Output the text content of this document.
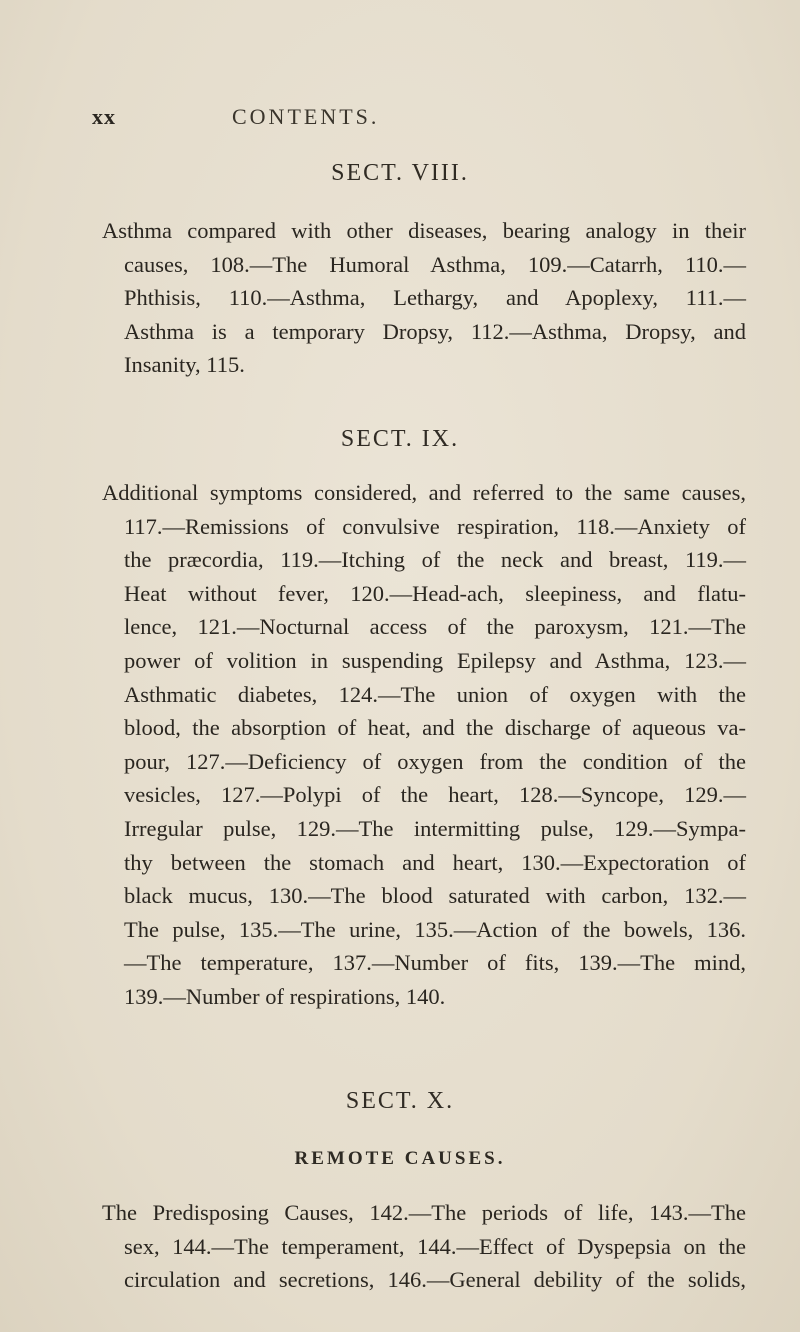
xx	CONTENTS.
SECT. VIII.
Asthma compared with other diseases, bearing analogy in their
causes, 108.—The Humoral Asthma, 109.—Catarrh, 110.—
Phthisis, 110.—Asthma, Lethargy, and Apoplexy, 111.—
Asthma is a temporary Dropsy, 112.—Asthma, Dropsy, and
Insanity, 115.
SECT. IX.
Additional symptoms considered, and referred to the same causes,
117.—Remissions of convulsive respiration, 118.—Anxiety of
the præcordia, 119.—Itching of the neck and breast, 119.—
Heat without fever, 120.—Head-ach, sleepiness, and flatu-
lence, 121.—Nocturnal access of the paroxysm, 121.—The
power of volition in suspending Epilepsy and Asthma, 123.—
Asthmatic diabetes, 124.—The union of oxygen with the
blood, the absorption of heat, and the discharge of aqueous va-
pour, 127.—Deficiency of oxygen from the condition of the
vesicles, 127.—Polypi of the heart, 128.—Syncope, 129.—
Irregular pulse, 129.—The intermitting pulse, 129.—Sympa-
thy between the stomach and heart, 130.—Expectoration of
black mucus, 130.—The blood saturated with carbon, 132.—
The pulse, 135.—The urine, 135.—Action of the bowels, 136.
—The temperature, 137.—Number of fits, 139.—The mind,
139.—Number of respirations, 140.
SECT. X.
REMOTE CAUSES.
The Predisposing Causes, 142.—The periods of life, 143.—The
sex, 144.—The temperament, 144.—Effect of Dyspepsia on the
circulation and secretions, 146.—General debility of the solids,
